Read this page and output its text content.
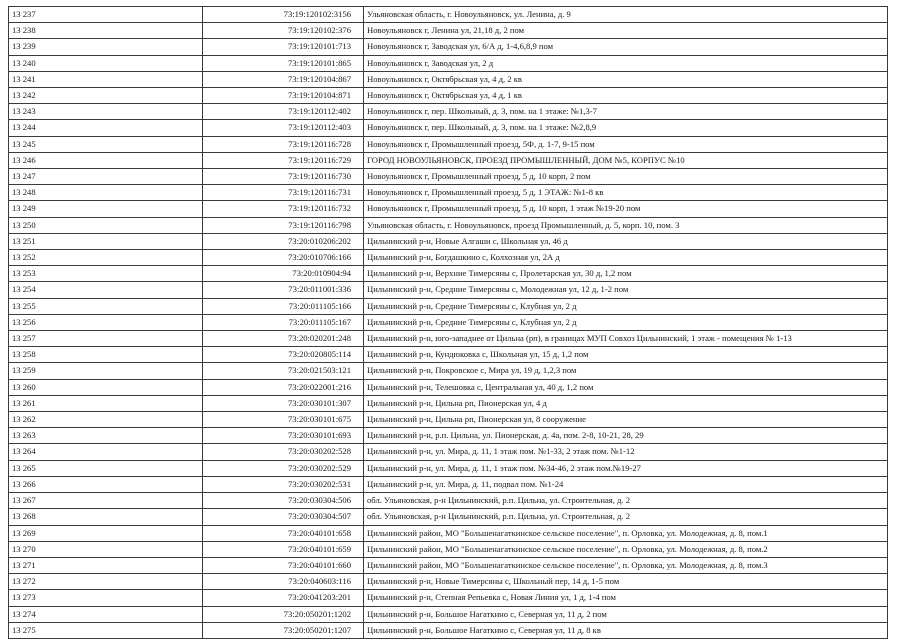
13 237	73:19:120102:3156	Ульяновская область, г. Новоульяновск, ул. Ленина, д. 9
13 238	73:19:120102:376	Новоульяновск г, Ленина ул, 21,18 д, 2 пом
13 239	73:19:120101:713	Новоульяновск г, Заводская ул, 6/А д, 1-4,6,8,9 пом
13 240	73:19:120101:865	Новоульяновск г, Заводская ул, 2 д
13 241	73:19:120104:867	Новоульяновск г, Октябрьская ул, 4 д, 2 кв
13 242	73:19:120104:871	Новоульяновск г, Октябрьская ул, 4 д, 1 кв
13 243	73:19:120112:402	Новоульяновск г, пер. Школьный, д. 3, пом. на 1 этаже: №1,3-7
13 244	73:19:120112:403	Новоульяновск г, пер. Школьный, д. 3, пом. на 1 этаже: №2,8,9
13 245	73:19:120116:728	Новоульяновск г, Промышленный проезд, 5Ф, д. 1-7, 9-15 пом
13 246	73:19:120116:729	ГОРОД НОВОУЛЬЯНОВСК, ПРОЕЗД ПРОМЫШЛЕННЫЙ, ДОМ №5, КОРПУС №10
13 247	73:19:120116:730	Новоульяновск г, Промышленный проезд, 5 д, 10 корп, 2 пом
13 248	73:19:120116:731	Новоульяновск г, Промышленный проезд, 5 д, 1 ЭТАЖ: №1-8 кв
13 249	73:19:120116:732	Новоульяновск г, Промышленный проезд, 5 д, 10 корп, 1 этаж №19-20 пом
13 250	73:19:120116:798	Ульяновская область, г. Новоульяновск, проезд Промышленный, д. 5, корп. 10, пом. 3
13 251	73:20:010206:202	Цильнинский р-н, Новые Алгаши с, Школьная ул, 46 д
13 252	73:20:010706:166	Цильнинский р-н, Богдашкино с, Колхозная ул, 2А д
13 253	73:20:010904:94	Цильнинский р-н, Верхние Тимерсяны с, Пролетарская ул, 30 д, 1,2 пом
13 254	73:20:011001:336	Цильнинский р-н, Средние Тимерсяны с, Молодежная ул, 12 д, 1-2 пом
13 255	73:20:011105:166	Цильнинский р-н, Средние Тимерсяны с, Клубная ул, 2 д
13 256	73:20:011105:167	Цильнинский р-н, Средние Тимерсяны с, Клубная ул, 2 д
13 257	73:20:020201:248	Цильнинский р-н, юго-западнее от Цильна (рп), в границах МУП Совхоз Цильнинский, 1 этаж - помещения № 1-13
13 258	73:20:020805:114	Цильнинский р-н, Кундюковка с, Школьная ул, 15 д, 1,2 пом
13 259	73:20:021503:121	Цильнинский р-н, Покровское с, Мира ул, 19 д, 1,2,3 пом
13 260	73:20:022001:216	Цильнинский р-н, Телешовка с, Центральная ул, 40 д, 1,2 пом
13 261	73:20:030101:307	Цильнинский р-н, Цильна рп, Пионерская ул, 4 д
13 262	73:20:030101:675	Цильнинский р-н, Цильна рп, Пионерская ул, 8 сооружение
13 263	73:20:030101:693	Цильнинский р-н, р.п. Цильна, ул. Пионерская, д. 4а, пом. 2-8, 10-21, 28, 29
13 264	73:20:030202:528	Цильнинский р-н, ул. Мира, д. 11, 1 этаж пом. №1-33, 2 этаж пом. №1-12
13 265	73:20:030202:529	Цильнинский р-н, ул. Мира, д. 11, 1 этаж пом. №34-46, 2 этаж пом.№19-27
13 266	73:20:030202:531	Цильнинский р-н, ул. Мира, д. 11, подвал пом. №1-24
13 267	73:20:030304:506	обл. Ульяновская, р-н Цильнинский, р.п. Цильна, ул. Строительная, д. 2
13 268	73:20:030304:507	обл. Ульяновская, р-н Цильнинский, р.п. Цильна, ул. Строительная, д. 2
13 269	73:20:040101:658	Цильнинский район, МО "Большенагаткинское сельское поселение", п. Орловка, ул. Молодежная, д. 8, пом.1
13 270	73:20:040101:659	Цильнинский район, МО "Большенагаткинское сельское поселение", п. Орловка, ул. Молодежная, д. 8, пом.2
13 271	73:20:040101:660	Цильнинский район, МО "Большенагаткинское сельское поселение", п. Орловка, ул. Молодежная, д. 8, пом.3
13 272	73:20:040603:116	Цильнинский р-н, Новые Тимерсяны с, Школьный пер, 14 д, 1-5 пом
13 273	73:20:041203:201	Цильнинский р-н, Степная Репьевка с, Новая Линия ул, 1 д, 1-4 пом
13 274	73:20:050201:1202	Цильнинский р-н, Большое Нагаткино с, Северная ул, 11 д, 2 пом
13 275	73:20:050201:1207	Цильнинский р-н, Большое Нагаткино с, Северная ул, 11 д, 8 кв
